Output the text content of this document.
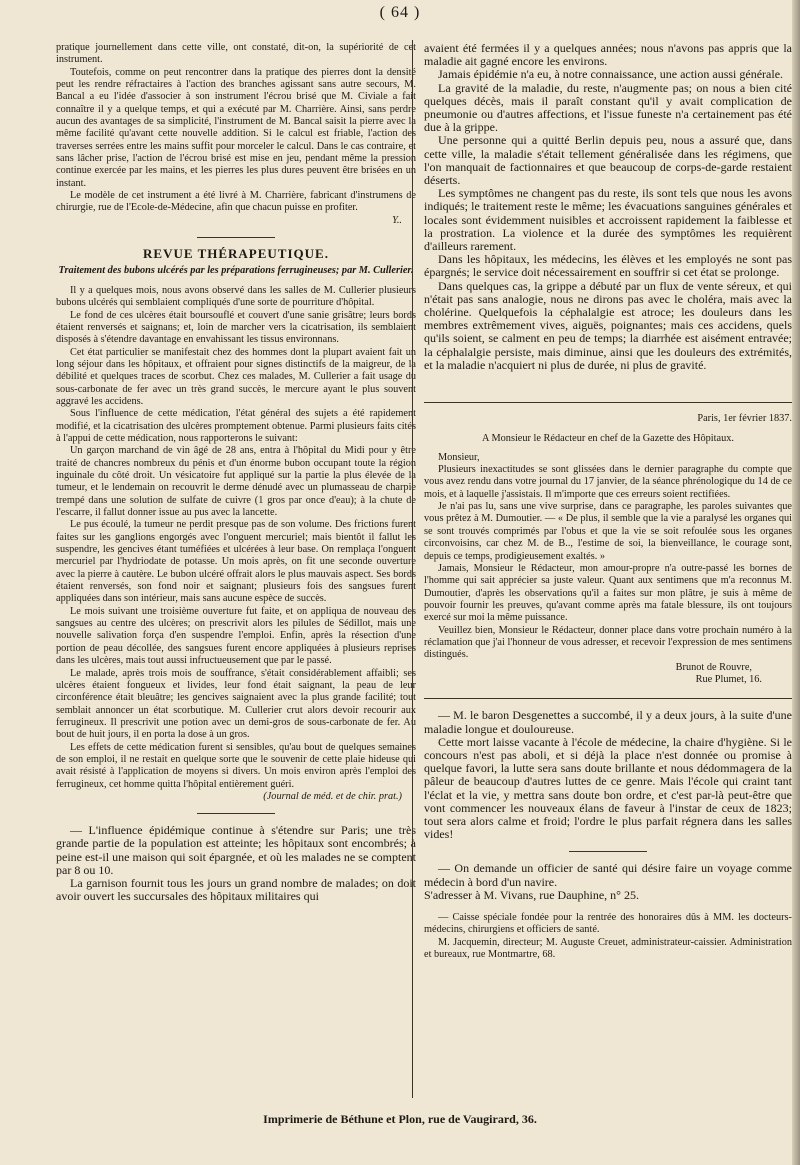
( 64 )

pratique journellement dans cette ville, ont constaté, dit-on, la supériorité de cet instrument.

Toutefois, comme on peut rencontrer dans la pratique des pierres dont la densité peut les rendre réfractaires à l'action des branches agissant sans autre secours, M. Bancal a eu l'idée d'associer à son instrument l'écrou brisé que M. Civiale a fait connaître il y a quelque temps, et qui a exécuté par M. Charrière. Ainsi, sans perdre aucun des avantages de sa simplicité, l'instrument de M. Bancal saisit la pierre avec la même facilité qu'avant cette nouvelle addition. Si le calcul est friable, l'action des traverses serrées entre les mains suffit pour morceler le calcul. Dans le cas contraire, et sans lâcher prise, l'action de l'écrou brisé est mise en jeu, pendant même la pression continue exercée par les mains, et les pierres les plus dures peuvent être brisées en un instant.

Le modèle de cet instrument a été livré à M. Charrière, fabricant d'instrumens de chirurgie, rue de l'Ecole-de-Médecine, afin que chacun puisse en profiter.

Y..
REVUE THÉRAPEUTIQUE.
Traitement des bubons ulcérés par les préparations ferrugineuses; par M. Cullerier.

Il y a quelques mois, nous avons observé dans les salles de M. Cullerier plusieurs bubons ulcérés qui semblaient compliqués d'une sorte de pourriture d'hôpital.

Le fond de ces ulcères était boursouflé et couvert d'une sanie grisâtre; leurs bords étaient renversés et saignans; et, loin de marcher vers la cicatrisation, ils semblaient disposés à s'étendre davantage en envahissant les tissus environnans.

Cet état particulier se manifestait chez des hommes dont la plupart avaient fait un long séjour dans les hôpitaux, et offraient pour signes distinctifs de la maigreur, de la débilité et quelques traces de scorbut. Chez ces malades, M. Cullerier a fait usage du sous-carbonate de fer avec un très grand succès, le mercure ayant le plus souvent aggravé les accidens.

Sous l'influence de cette médication, l'état général des sujets a été rapidement modifié, et la cicatrisation des ulcères promptement obtenue. Parmi plusieurs faits cités à l'appui de cette médication, nous rapporterons le suivant:

Un garçon marchand de vin âgé de 28 ans, entra à l'hôpital du Midi pour y être traité de chancres nombreux du pénis et d'un énorme bubon occupant toute la région inguinale du côté droit. Un vésicatoire fut appliqué sur la partie la plus élevée de la tumeur, et le lendemain on recouvrit le derme dénudé avec un plumasseau de charpie trempé dans une solution de sulfate de cuivre (1 gros par once d'eau); à la chute de l'escarre, il fallut donner issue au pus avec la lancette.

Le pus écoulé, la tumeur ne perdit presque pas de son volume. Des frictions furent faites sur les ganglions engorgés avec l'onguent mercuriel; mais bientôt il fallut les suspendre, les gencives étant tuméfiées et ulcérées à leur base. On remplaça l'onguent mercuriel par l'hydriodate de potasse. Un mois après, on fit une seconde ouverture avec la pierre à cautère. Le bubon ulcéré offrait alors le plus mauvais aspect. Ses bords étaient renversés, son fond noir et saignant; plusieurs fois des sangsues furent appliquées dans son intérieur, mais sans aucune espèce de succès.

Le mois suivant une troisième ouverture fut faite, et on appliqua de nouveau des sangsues au centre des ulcères; on prescrivit alors les pilules de Sédillot, mais une nouvelle salivation força d'en suspendre l'emploi. Enfin, après la résection d'une portion de peau décollée, des sangsues furent encore appliquées à plusieurs reprises dans les ulcères, mais tout aussi infructueusement que par le passé.

Le malade, après trois mois de souffrance, s'était considérablement affaibli; ses ulcères étaient fongueux et livides, leur fond était saignant, la peau de leur circonférence était bleuâtre; les gencives saignaient avec la plus grande facilité; tout semblait annoncer un état scorbutique. M. Cullerier crut alors devoir recourir aux ferrugineux. Il prescrivit une potion avec un demi-gros de sous-carbonate de fer. Au bout de huit jours, il en porta la dose à un gros.

Les effets de cette médication furent si sensibles, qu'au bout de quelques semaines de son emploi, il ne restait en quelque sorte que le souvenir de cette plaie hideuse qui avait résisté à l'application de moyens si divers. Un mois environ après l'emploi des ferrugineux, cet homme quitta l'hôpital entièrement guéri.

(Journal de méd. et de chir. prat.)

— L'influence épidémique continue à s'étendre sur Paris; une très grande partie de la population est atteinte; les hôpitaux sont encombrés; à peine est-il une maison qui soit épargnée, et où les malades ne se comptent par 8 ou 10.

La garnison fournit tous les jours un grand nombre de malades; on doit avoir ouvert les succursales des hôpitaux militaires qui

avaient été fermées il y a quelques années; nous n'avons pas appris que la maladie ait gagné encore les environs.

Jamais épidémie n'a eu, à notre connaissance, une action aussi générale.

La gravité de la maladie, du reste, n'augmente pas; on nous a bien cité quelques décès, mais il paraît constant qu'il y avait complication de pneumonie ou d'autres affections, et l'issue funeste n'a certainement pas été due à la grippe.

Une personne qui a quitté Berlin depuis peu, nous a assuré que, dans cette ville, la maladie s'était tellement généralisée dans les régimens, que l'on manquait de factionnaires et que beaucoup de corps-de-garde restaient déserts.

Les symptômes ne changent pas du reste, ils sont tels que nous les avons indiqués; le traitement reste le même; les évacuations sanguines générales et locales sont évidemment nuisibles et accroissent rapidement la faiblesse et la prostration. La violence et la durée des symptômes les requièrent d'ailleurs rarement.

Dans les hôpitaux, les médecins, les élèves et les employés ne sont pas épargnés; le service doit nécessairement en souffrir si cet état se prolonge.

Dans quelques cas, la grippe a débuté par un flux de vente séreux, et qui n'était pas sans analogie, nous ne dirons pas avec le choléra, mais avec la cholérine. Quelquefois la céphalalgie est atroce; les douleurs dans les membres extrêmement vives, aiguës, poignantes; mais ces accidens, quels qu'ils soient, se calment en peu de temps; la diarrhée est aisément entravée; la céphalalgie persiste, mais diminue, ainsi que les douleurs des extrémités, et la maladie n'acquiert ni plus de durée, ni plus de gravité.

Paris, 1er février 1837.
A Monsieur le Rédacteur en chef de la Gazette des Hôpitaux.

Monsieur,

Plusieurs inexactitudes se sont glissées dans le dernier paragraphe du compte que vous avez rendu dans votre journal du 17 janvier, de la séance phrénologique du 14 de ce mois, et à laquelle j'assistais. Il m'importe que ces erreurs soient rectifiées.

Je n'ai pas lu, sans une vive surprise, dans ce paragraphe, les paroles suivantes que vous prêtez à M. Dumoutier. — « De plus, il semble que la vie a paralysé les organes qui se sont trouvés comprimés par l'obus et que la vie se soit refoulée sous les organes circonvoisins, car chez M. de B.., l'estime de soi, la bienveillance, le courage sont, depuis ce temps, prodigieusement exaltés. »

Jamais, Monsieur le Rédacteur, mon amour-propre n'a outre-passé les bornes de l'homme qui sait apprécier sa juste valeur. Quant aux sentimens que m'a reconnus M. Dumoutier, d'après les observations qu'il a faites sur mon plâtre, je suis à même de pouvoir fournir les preuves, qu'avant comme après ma fatale blessure, ils ont toujours exercé sur moi la même puissance.

Veuillez bien, Monsieur le Rédacteur, donner place dans votre prochain numéro à la réclamation que j'ai l'honneur de vous adresser, et recevoir l'expression de mes sentimens distingués.

Brunot de Rouvre,
Rue Plumet, 16.

— M. le baron Desgenettes a succombé, il y a deux jours, à la suite d'une maladie longue et douloureuse.

Cette mort laisse vacante à l'école de médecine, la chaire d'hygiène. Si le concours n'est pas aboli, et si déjà la place n'est donnée ou promise à quelque favori, la lutte sera sans doute brillante et nous dédommagera de la pâleur de beaucoup d'autres luttes de ce genre. Mais l'école qui craint tant l'éclat et la vie, y mettra sans doute bon ordre, et c'est par-là peut-être que vont commencer les nouveaux élans de faveur à l'instar de ceux de 1823; tout sera alors calme et froid; l'ordre le plus parfait régnera dans les salles vides!

— On demande un officier de santé qui désire faire un voyage comme médecin à bord d'un navire.

S'adresser à M. Vivans, rue Dauphine, n° 25.

— Caisse spéciale fondée pour la rentrée des honoraires dûs à MM. les docteurs-médecins, chirurgiens et officiers de santé.

M. Jacquemin, directeur; M. Auguste Creuet, administrateur-caissier. Administration et bureaux, rue Montmartre, 68.

Imprimerie de Béthune et Plon, rue de Vaugirard, 36.
